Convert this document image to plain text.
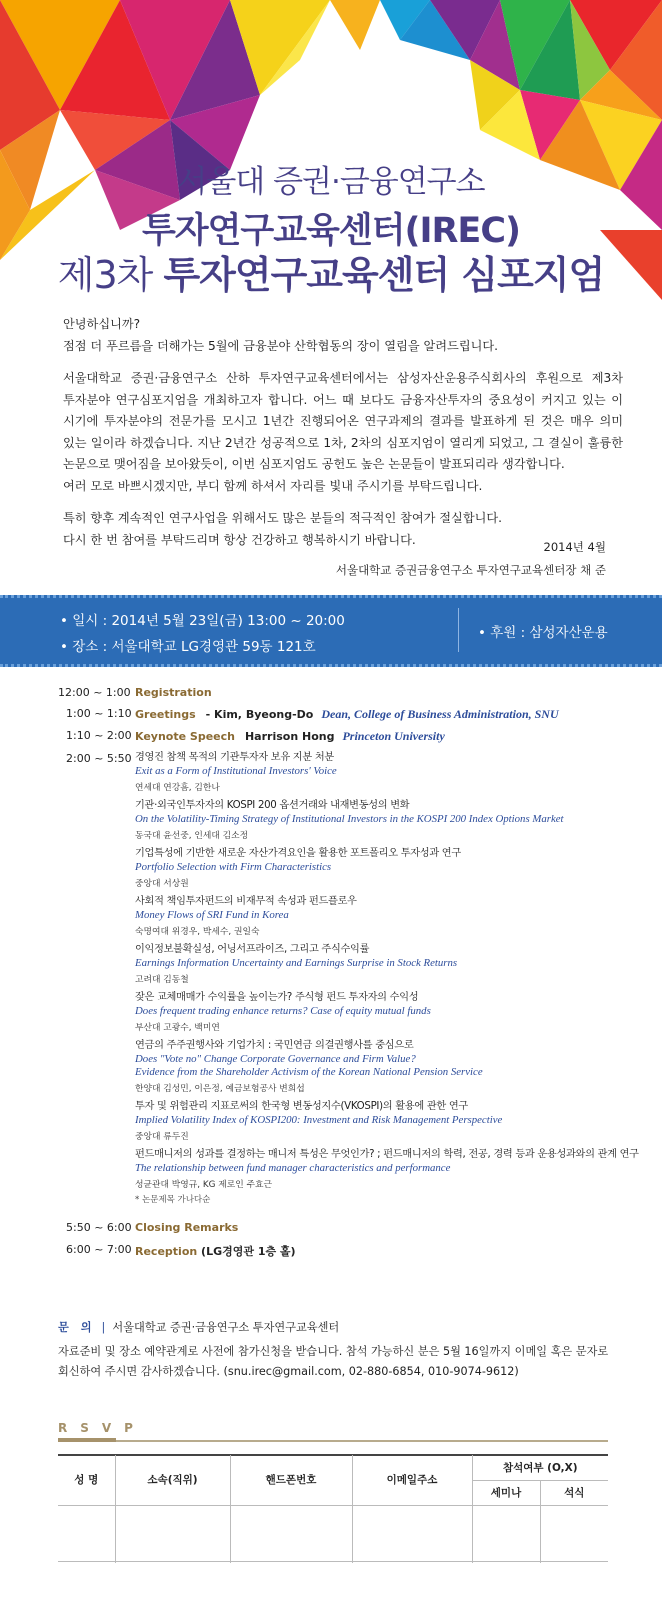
서울대 증권·금융연구소
투자연구교육센터(IREC)
제3차 투자연구교육센터 심포지엄

안녕하십니까?
점점 더 푸르름을 더해가는 5월에 금융분야 산학협동의 장이 열림을 알려드립니다.

서울대학교 증권·금융연구소 산하 투자연구교육센터에서는 삼성자산운용주식회사의 후원으로 제3차
투자분야 연구심포지엄을 개최하고자 합니다. 어느 때 보다도 금융자산투자의 중요성이 커지고 있는 이
시기에 투자분야의 전문가를 모시고 1년간 진행되어온 연구과제의 결과를 발표하게 된 것은 매우 의미
있는 일이라 하겠습니다. 지난 2년간 성공적으로 1차, 2차의 심포지엄이 열리게 되었고, 그 결실이 훌륭한
논문으로 맺어짐을 보아왔듯이, 이번 심포지엄도 공헌도 높은 논문들이 발표되리라 생각합니다.
여러 모로 바쁘시겠지만, 부디 함께 하셔서 자리를 빛내 주시기를 부탁드립니다.

특히 향후 계속적인 연구사업을 위해서도 많은 분들의 적극적인 참여가 절실합니다.
다시 한 번 참여를 부탁드리며 항상 건강하고 행복하시기 바랍니다.

2014년 4월
서울대학교 증권금융연구소 투자연구교육센터장 채 준
• 일시 : 2014년 5월 23일(금) 13:00 ~ 20:00
• 장소 : 서울대학교 LG경영관 59동 121호
• 후원 : 삼성자산운용
12:00 ~ 1:00 Registration
1:00 ~ 1:10 Greetings - Kim, Byeong-Do Dean, College of Business Administration, SNU
1:10 ~ 2:00 Keynote Speech Harrison Hong Princeton University
2:00 ~ 5:50 경영진 참책 목적의 기관투자자 보유 지분 처분
Exit as a Form of Institutional Investors' Voice
연세대 연강흠, 김한나
기관·외국인투자자의 KOSPI 200 옵션거래와 내재변동성의 변화
On the Volatility-Timing Strategy of Institutional Investors in the KOSPI 200 Index Options Market
동국대 윤선중, 인세대 김소정
기업특성에 기반한 새로운 자산가격요인을 활용한 포트폴리오 투자성과 연구
Portfolio Selection with Firm Characteristics
중앙대 서상원
사회적 책임투자펀드의 비재무적 속성과 펀드플로우
Money Flows of SRI Fund in Korea
숙명여대 위경우, 박세수, 권일숙
이익정보불확실성, 어닝서프라이즈, 그리고 주식수익률
Earnings Information Uncertainty and Earnings Surprise in Stock Returns
고려대 김동철
잦은 교체매매가 수익률을 높이는가? 주식형 펀드 투자자의 수익성
Does frequent trading enhance returns? Case of equity mutual funds
부산대 고광수, 백미연
연금의 주주권행사와 기업가치 : 국민연금 의결권행사를 중심으로
Does "Vote no" Change Corporate Governance and Firm Value?
Evidence from the Shareholder Activism of the Korean National Pension Service
한양대 김성민, 이은정, 예금보험공사 변희섭
투자 및 위험관리 지표로써의 한국형 변동성지수(VKOSPI)의 활용에 관한 연구
Implied Volatility Index of KOSPI200: Investment and Risk Management Perspective
중앙대 류두진
펀드매니저의 성과를 결정하는 매니저 특성은 무엇인가? ; 펀드매니저의 학력, 전공, 경력 등과 운용성과와의 관계 연구
The relationship between fund manager characteristics and performance
성균관대 박영규, KG 제로인 주효근
* 논문제목 가나다순
5:50 ~ 6:00 Closing Remarks
6:00 ~ 7:00 Reception (LG경영관 1층 홀)
문 의 | 서울대학교 증권·금융연구소 투자연구교육센터
자료준비 및 장소 예약관계로 사전에 참가신청을 받습니다. 참석 가능하신 분은 5월 16일까지 이메일 혹은 문자로
회신하여 주시면 감사하겠습니다. (snu.irec@gmail.com, 02-880-6854, 010-9074-9612)
RSVP
성 명	소속(직위)	핸드폰번호	이메일주소	참석여부 (O,X)	
				세미나	석식
